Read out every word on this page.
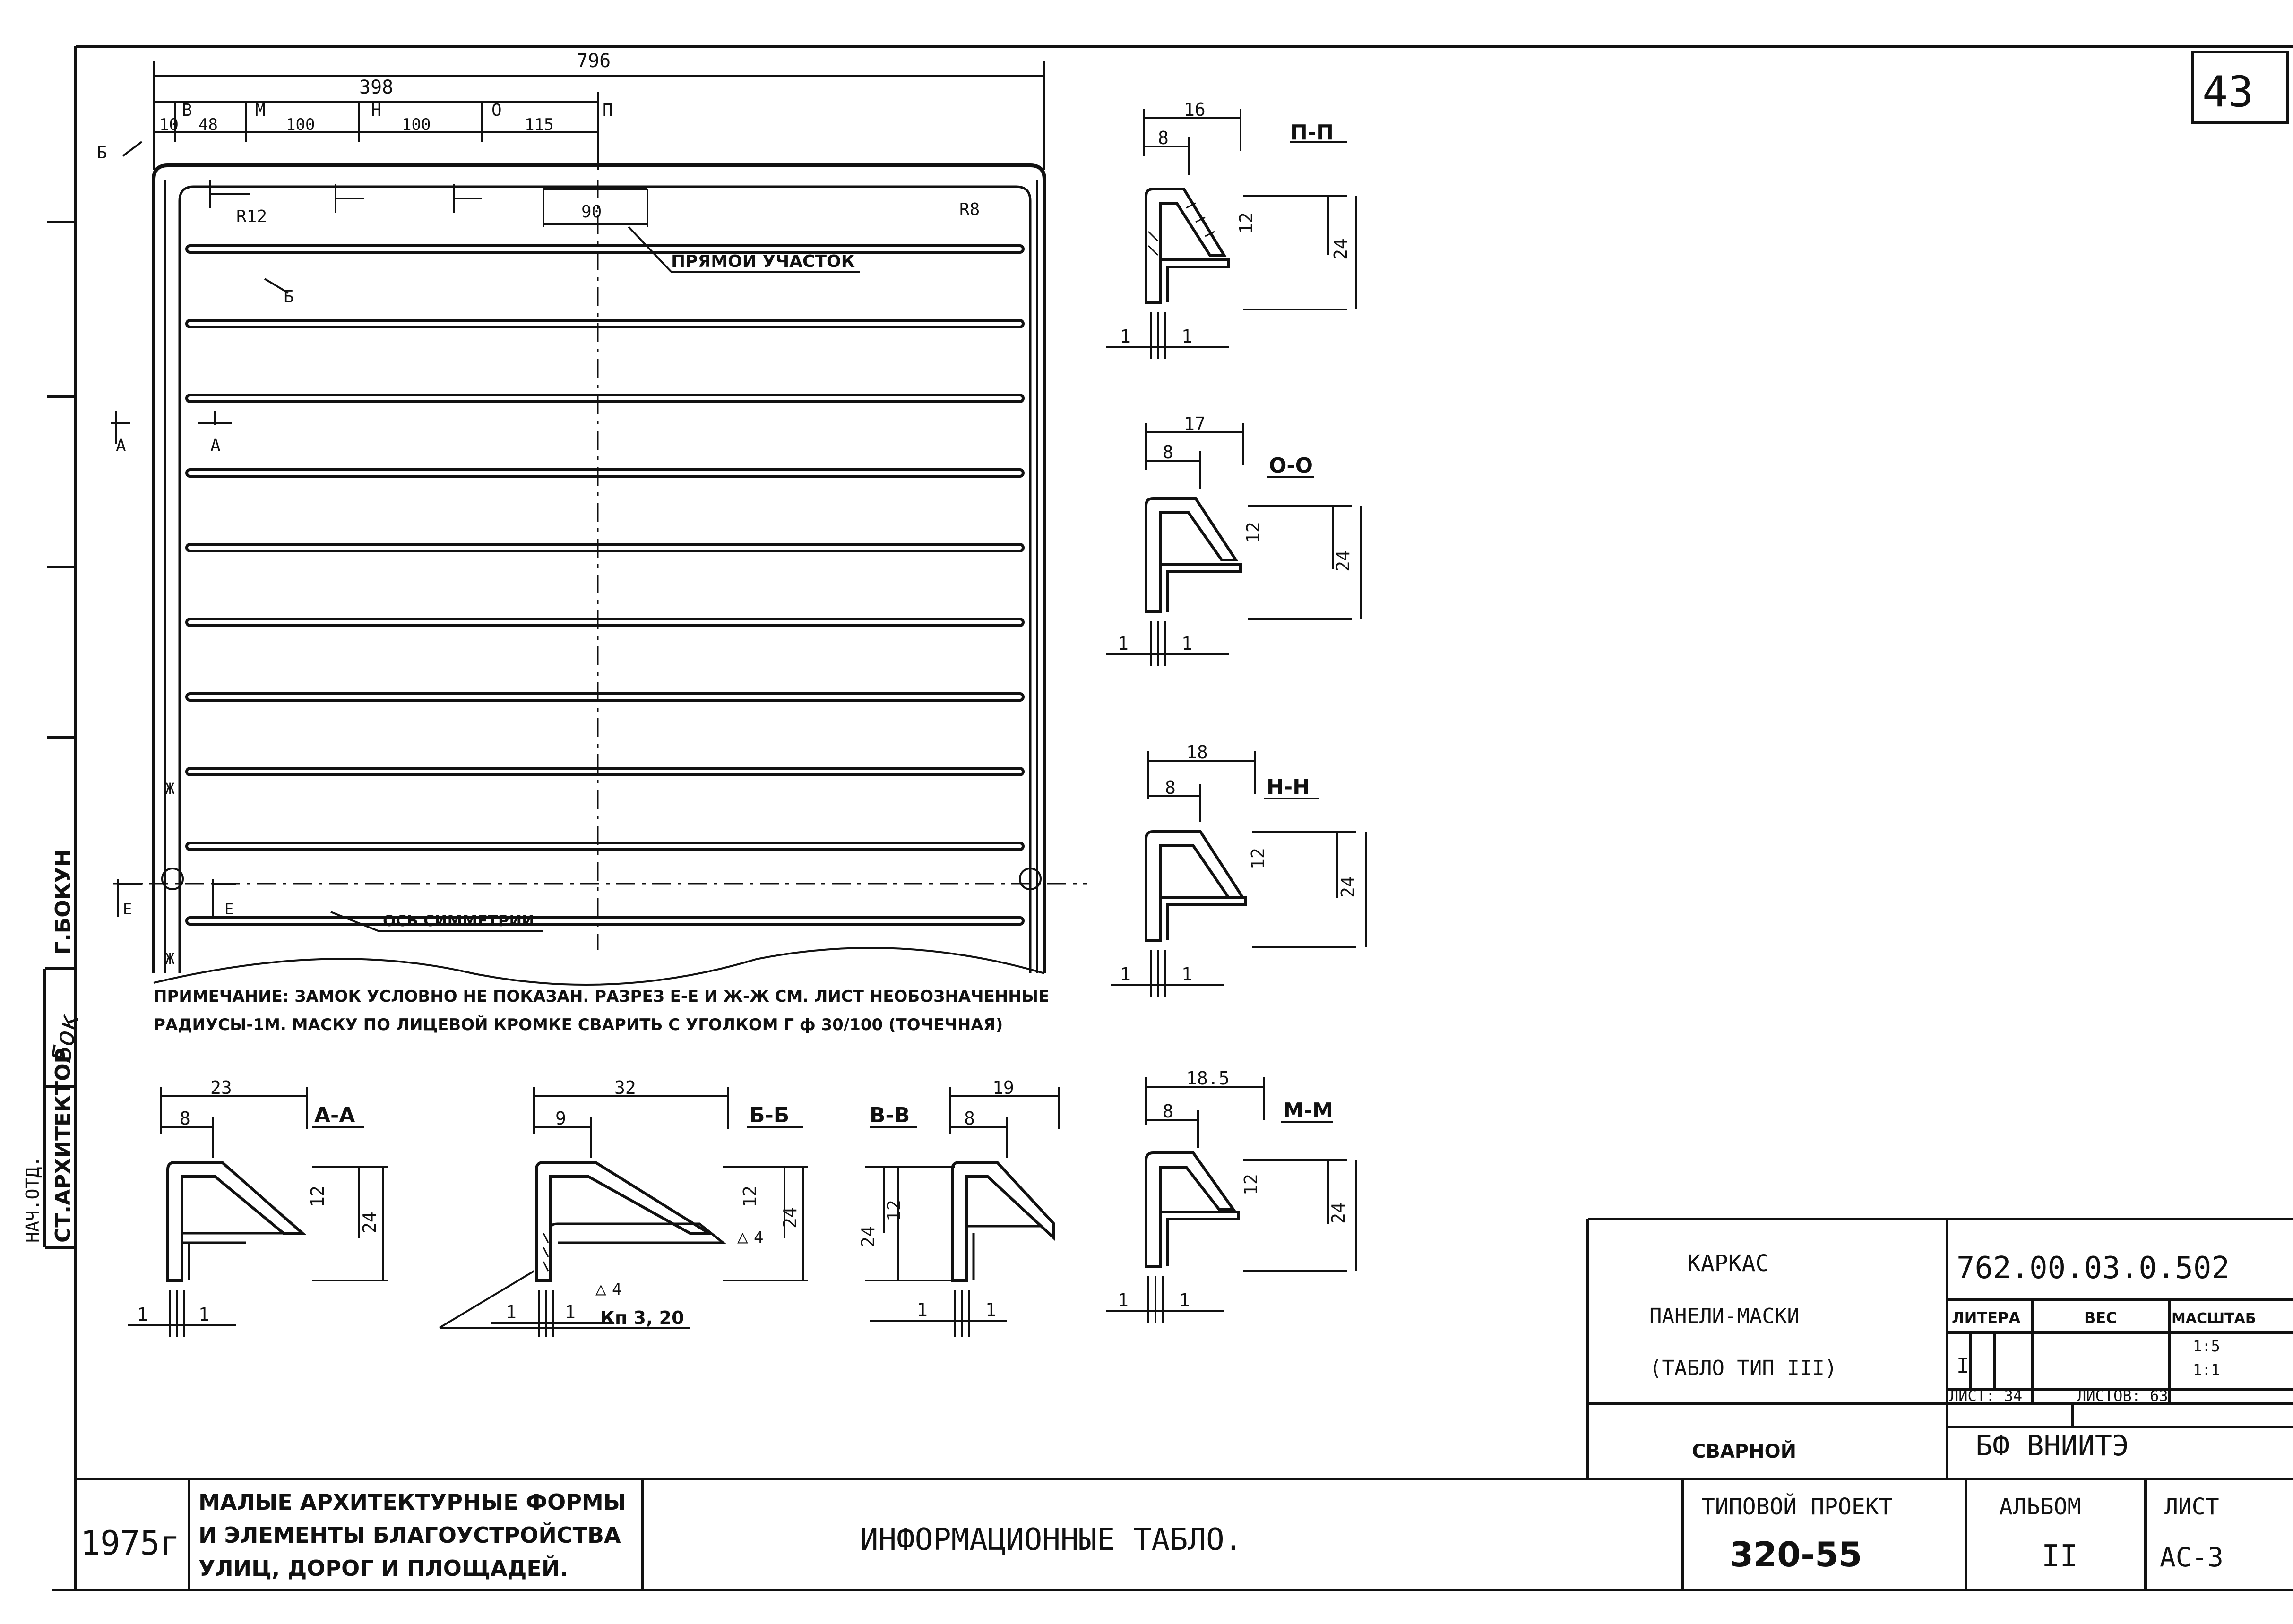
43
СТ.АРХИТЕКТОР
Г.БОКУН
НАЧ.ОТД.
Бок
796
398
10 48	100	100	115
В	М	Н	О	П
R12	R8
90
ПРЯМОЙ УЧАСТОК
Б
Б
А	А
Е	Е
Ж
Ж
ОСЬ СИММЕТРИИ
ПРИМЕЧАНИЕ: ЗАМОК УСЛОВНО НЕ ПОКАЗАН. РАЗРЕЗ Е-Е И Ж-Ж СМ. ЛИСТ НЕОБОЗНАЧЕННЫЕ
РАДИУСЫ-1М. МАСКУ ПО ЛИЦЕВОЙ КРОМКЕ СВАРИТЬ С УГОЛКОМ Г ф 30/100 (ТОЧЕЧНАЯ)
П-П
16
8
12
24
1	1
О-О
17
8
12
24
1	1
Н-Н
18
8
12
24
1	1
М-М
18.5
8
12
24
1	1
А-А
23
8
12
24
1	1
Б-Б
32
9
12
24
1	1
△ 4
△ 4
Кп 3, 20
В-В
19
8
12
24
1	1
КАРКАС
ПАНЕЛИ-МАСКИ
(ТАБЛО ТИП III)
СВАРНОЙ
762.00.03.0.502
ЛИТЕРА	ВЕС	МАСШТАБ
I
1:5
1:1
ЛИСТ: 34	ЛИСТОВ: 63
БФ ВНИИТЭ
1975г
МАЛЫЕ АРХИТЕКТУРНЫЕ ФОРМЫ
И ЭЛЕМЕНТЫ БЛАГОУСТРОЙСТВА
УЛИЦ, ДОРОГ И ПЛОЩАДЕЙ.
ИНФОРМАЦИОННЫЕ ТАБЛО.
ТИПОВОЙ ПРОЕКТ
320-55
АЛЬБОМ
II
ЛИСТ
АС-3
